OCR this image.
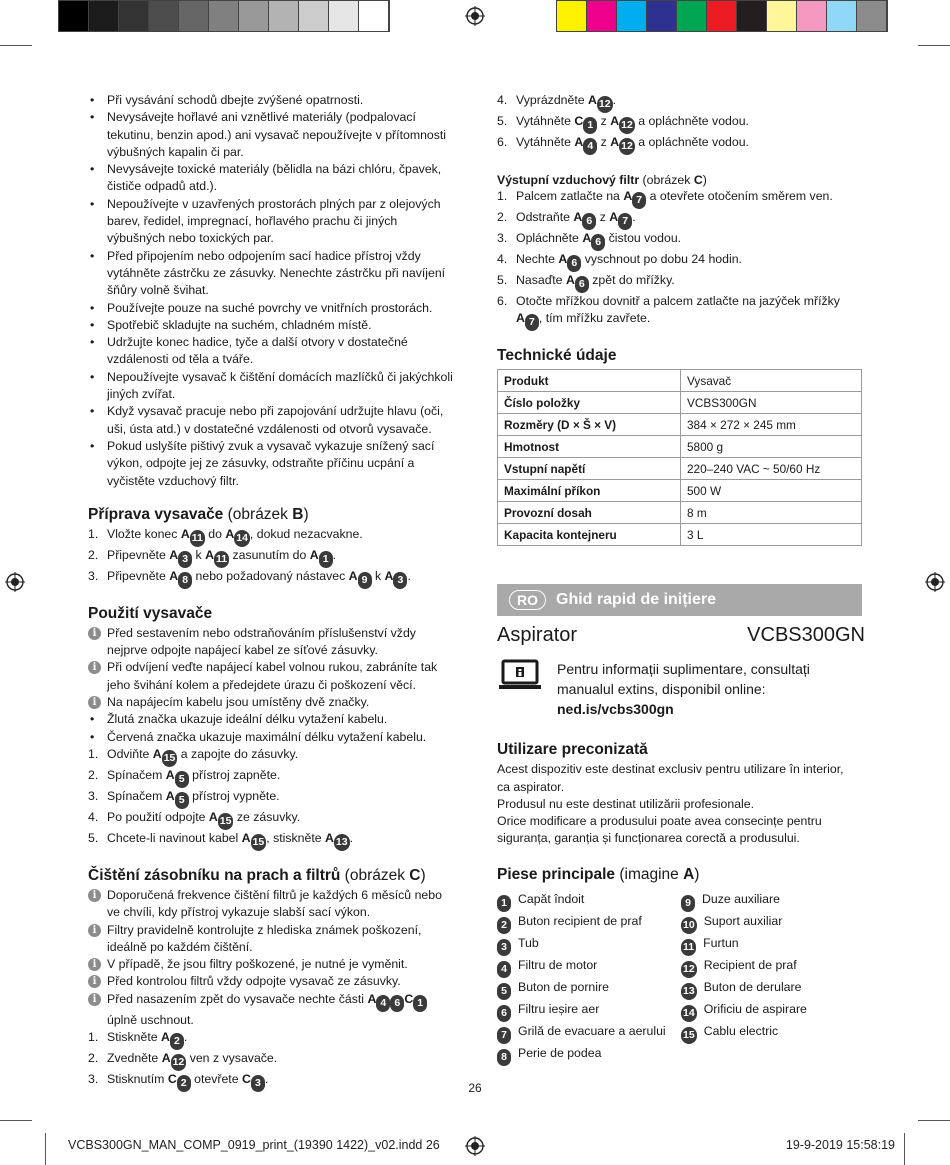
• Při vysávání schodů dbejte zvýšené opatrnosti.
• Nevysávejte hořlavé ani vznětlivé materiály (podpalovací tekutinu, benzin apod.) ani vysavač nepoužívejte v přítomnosti výbušných kapalin či par.
• Nevysávejte toxické materiály (bělidla na bázi chlóru, čpavek, čističe odpadů atd.).
• Nepoužívejte v uzavřených prostorách plných par z olejových barev, ředidel, impregnací, hořlavého prachu či jiných výbušných nebo toxických par.
• Před připojením nebo odpojením sací hadice přístroj vždy vytáhněte zástrčku ze zásuvky. Nenechte zástrčku při navíjení šňůry volně švihat.
• Používejte pouze na suché povrchy ve vnitřních prostorách.
• Spotřebič skladujte na suchém, chladném místě.
• Udržujte konec hadice, tyče a další otvory v dostatečné vzdálenosti od těla a tváře.
• Nepoužívejte vysavač k čištění domácích mazlíčků či jakýchkoli jiných zvířat.
• Když vysavač pracuje nebo při zapojování udržujte hlavu (oči, uši, ústa atd.) v dostatečné vzdálenosti od otvorů vysavače.
• Pokud uslyšíte pištivý zvuk a vysavač vykazuje snížený sací výkon, odpojte jej ze zásuvky, odstraňte příčinu ucpání a vyčistěte vzduchový filtr.
Příprava vysavače (obrázek B)
1. Vložte konec A 11 do A 14 , dokud nezacvakne.
2. Připevněte A 3 k A 11 zasunutím do A 1 .
3. Připevněte A 8 nebo požadovaný nástavec A 9 k A 3 .
Použití vysavače
• i Před sestavením nebo odstraňováním příslušenství vždy nejprve odpojte napájecí kabel ze síťové zásuvky.
• i Při odvíjení veďte napájecí kabel volnou rukou, zabráníte tak jeho švihání kolem a předejdete úrazu či poškození věcí.
• i Na napájecím kabelu jsou umístěny dvě značky.
• Žlutá značka ukazuje ideální délku vytažení kabelu.
• Červená značka ukazuje maximální délku vytažení kabelu.
1. Odviňte A 15 a zapojte do zásuvky.
2. Spínačem A 5 přístroj zapněte.
3. Spínačem A 5 přístroj vypněte.
4. Po použití odpojte A 15 ze zásuvky.
5. Chcete-li navinout kabel A 15 , stiskněte A 13 .
Čištění zásobníku na prach a filtrů (obrázek C)
• i Doporučená frekvence čištění filtrů je každých 6 měsíců nebo ve chvíli, kdy přístroj vykazuje slabší sací výkon.
• i Filtry pravidelně kontrolujte z hlediska známek poškození, ideálně po každém čištění.
• i V případě, že jsou filtry poškozené, je nutné je vyměnit.
• i Před kontrolou filtrů vždy odpojte vysavač ze zásuvky.
• i Před nasazením zpět do vysavače nechte části A 4 6 C 1
úplně uschnout.
1. Stiskněte A 2 .
2. Zvedněte A 12 ven z vysavače.
3. Stisknutím C 2 otevřete C 3 .
4. Vyprázdněte A 12 .
5. Vytáhněte C 1 z A 12 a opláchněte vodou.
6. Vytáhněte A 4 z A 12 a opláchněte vodou.
Výstupní vzduchový filtr (obrázek C)
1. Palcem zatlačte na A 7 a otevřete otočením směrem ven.
2. Odstraňte A 6 z A 7 .
3. Opláchněte A 6 čistou vodou.
4. Nechte A 6 vyschnout po dobu 24 hodin.
5. Nasaďte A 6 zpět do mřížky.
6. Otočte mřížkou dovnitř a palcem zatlačte na jazýček mřížky
A 7 , tím mřížku zavřete.
Technické údaje
Produkt	Vysavač
Číslo položky	VCBS300GN
Rozměry (D × Š × V)	384 × 272 × 245 mm
Hmotnost	5800 g
Vstupní napětí	220–240 VAC ~ 50/60 Hz
Maximální příkon	500 W
Provozní dosah	8 m
Kapacita kontejneru	3 L
RO	Ghid rapid de inițiere
Aspirator	VCBS300GN
Pentru informații suplimentare, consultați
manualul extins, disponibil online:
ned.is/vcbs300gn
Utilizare preconizată

Acest dispozitiv este destinat exclusiv pentru utilizare în interior,

ca aspirator.

Produsul nu este destinat utilizării profesionale.

Orice modificare a produsului poate avea consecințe pentru

siguranța, garanția și funcționarea corectă a produsului.

Piese principale (imagine A)
1 Capăt îndoit
2 Buton recipient de praf
3 Tub
4 Filtru de motor
5 Buton de pornire
6 Filtru ieșire aer
7 Grilă de evacuare a aerului
8 Perie de podea
9 Duze auxiliare
10 Suport auxiliar
11 Furtun
12 Recipient de praf
13 Buton de derulare
14 Orificiu de aspirare
15 Cablu electric
26
VCBS300GN_MAN_COMP_0919_print_(19390 1422)_v02.indd 26	19-9-2019 15:58:19
